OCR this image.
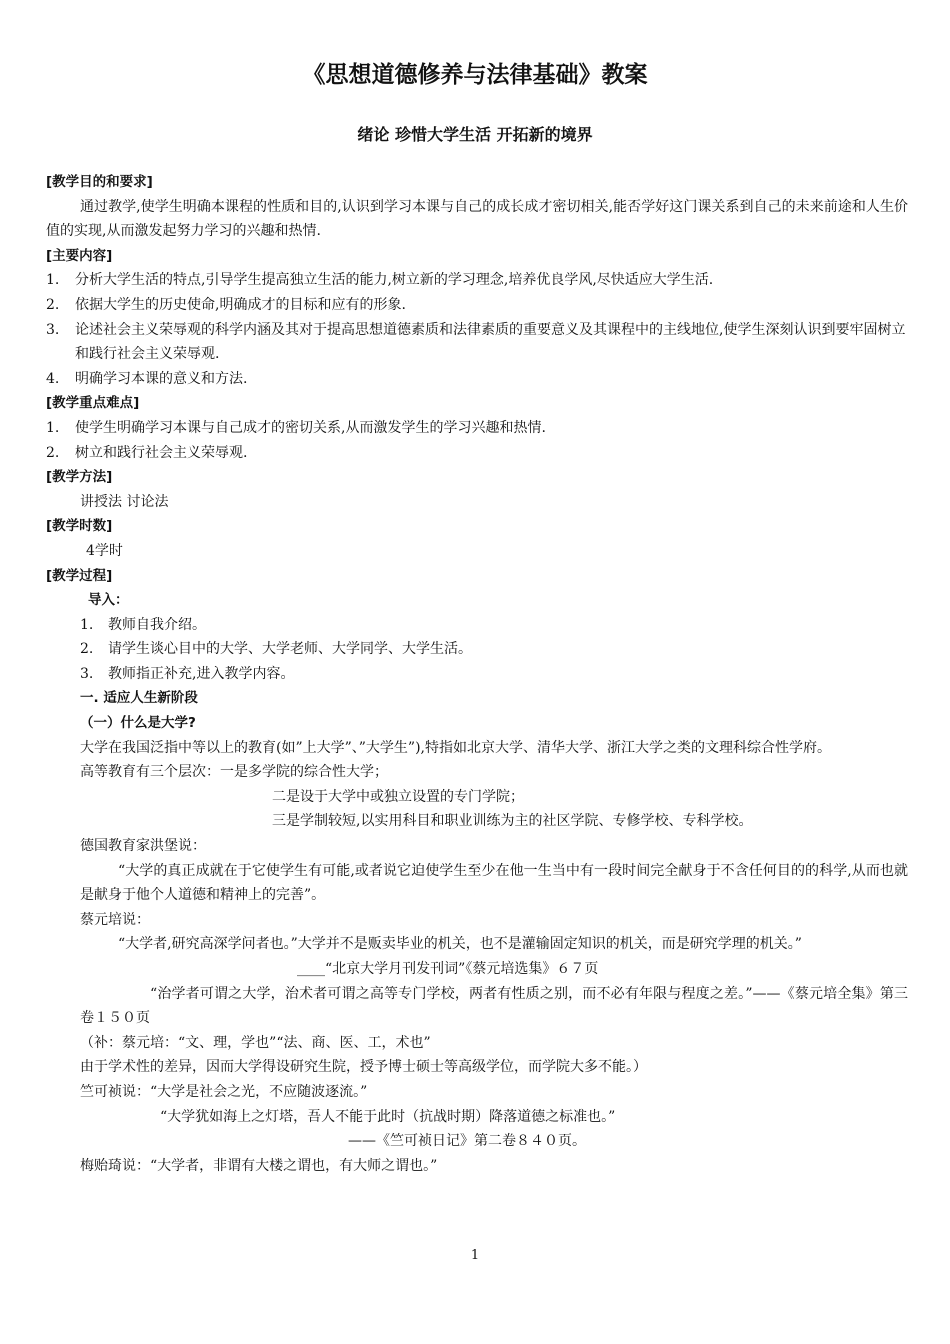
《思想道德修养与法律基础》教案
绪论 珍惜大学生活 开拓新的境界
[教学目的和要求]
通过教学,使学生明确本课程的性质和目的,认识到学习本课与自己的成长成才密切相关,能否学好这门课关系到自己的未来前途和人生价值的实现,从而激发起努力学习的兴趣和热情.
[主要内容]
1. 分析大学生活的特点,引导学生提高独立生活的能力,树立新的学习理念,培养优良学风,尽快适应大学生活.
2. 依据大学生的历史使命,明确成才的目标和应有的形象.
3. 论述社会主义荣辱观的科学内涵及其对于提高思想道德素质和法律素质的重要意义及其课程中的主线地位,使学生深刻认识到要牢固树立和践行社会主义荣辱观.
4. 明确学习本课的意义和方法.
[教学重点难点]
1. 使学生明确学习本课与自己成才的密切关系,从而激发学生的学习兴趣和热情.
2. 树立和践行社会主义荣辱观.
[教学方法]
讲授法 讨论法
[教学时数]
4学时
[教学过程]
导入：
1. 教师自我介绍。
2. 请学生谈心目中的大学、大学老师、大学同学、大学生活。
3. 教师指正补充,进入教学内容。
一. 适应人生新阶段
（一）什么是大学?
大学在我国泛指中等以上的教育(如”上大学”、”大学生”),特指如北京大学、清华大学、浙江大学之类的文理科综合性学府。
高等教育有三个层次：一是多学院的综合性大学；
二是设于大学中或独立设置的专门学院；
三是学制较短,以实用科目和职业训练为主的社区学院、专修学校、专科学校。
德国教育家洪堡说：
“大学的真正成就在于它使学生有可能,或者说它迫使学生至少在他一生当中有一段时间完全献身于不含任何目的的科学,从而也就是献身于他个人道德和精神上的完善”。
蔡元培说：
“大学者,研究高深学问者也。”大学并不是贩卖毕业的机关，也不是灌输固定知识的机关，而是研究学理的机关。”
____“北京大学月刊发刊词”《蔡元培选集》６７页
“治学者可谓之大学，治术者可谓之高等专门学校，两者有性质之别，而不必有年限与程度之差。”——《蔡元培全集》第三卷１５０页
（补：蔡元培：“文、理，学也”“法、商、医、工，术也”
由于学术性的差异，因而大学得设研究生院，授予博士硕士等高级学位，而学院大多不能。）
竺可祯说：“大学是社会之光，不应随波逐流。”
“大学犹如海上之灯塔，吾人不能于此时（抗战时期）降落道德之标准也。”
——《竺可祯日记》第二卷８４０页。
梅贻琦说：“大学者，非谓有大楼之谓也，有大师之谓也。”
1
